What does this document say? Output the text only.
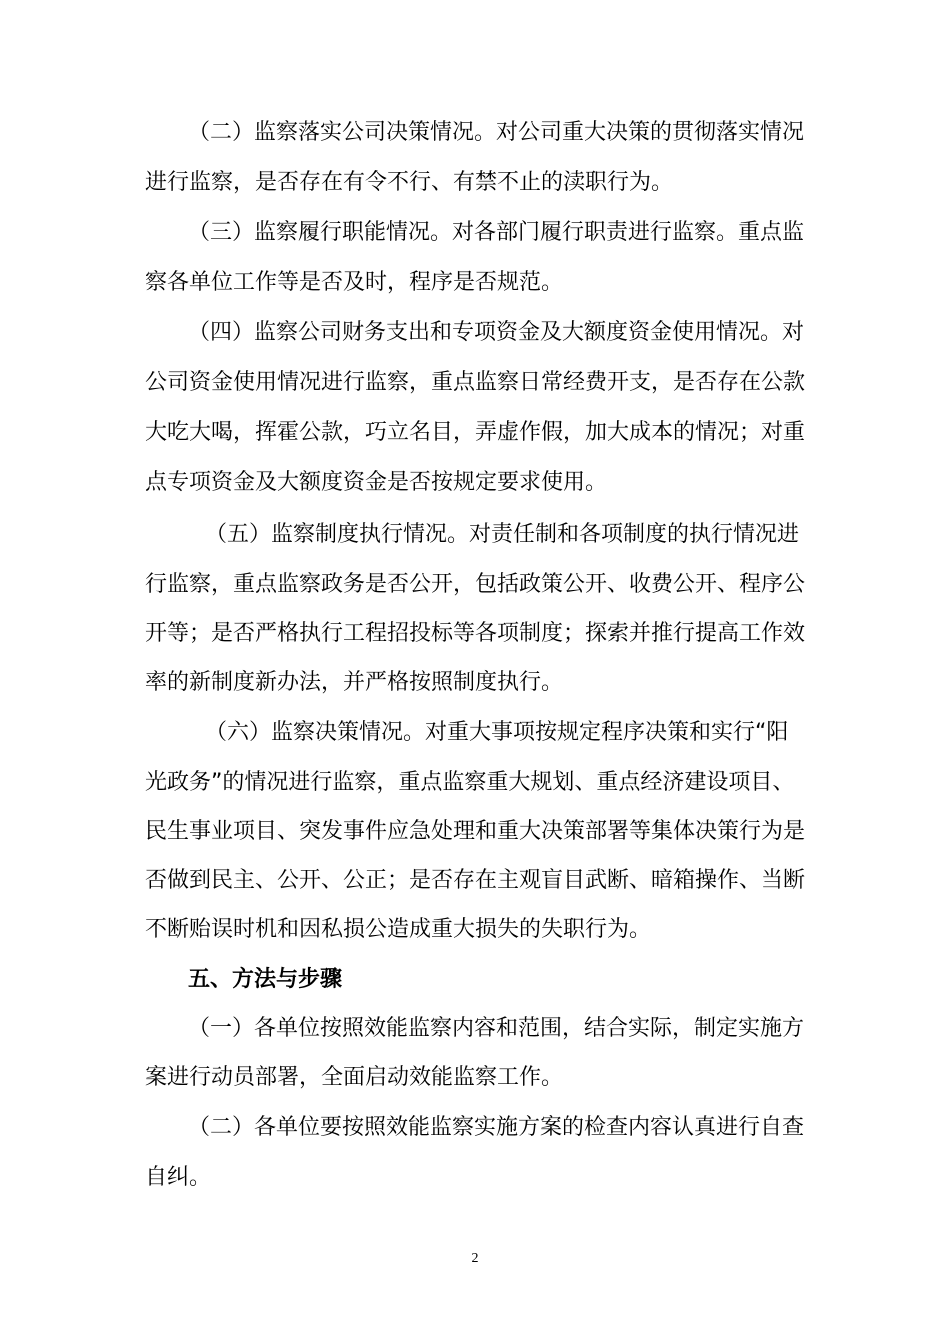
（二）监察落实公司决策情况。对公司重大决策的贯彻落实情况
进行监察，是否存在有令不行、有禁不止的渎职行为。
（三）监察履行职能情况。对各部门履行职责进行监察。重点监
察各单位工作等是否及时，程序是否规范。
（四）监察公司财务支出和专项资金及大额度资金使用情况。对
公司资金使用情况进行监察，重点监察日常经费开支，是否存在公款
大吃大喝，挥霍公款，巧立名目，弄虚作假，加大成本的情况；对重
点专项资金及大额度资金是否按规定要求使用。
（五）监察制度执行情况。对责任制和各项制度的执行情况进
行监察，重点监察政务是否公开，包括政策公开、收费公开、程序公
开等；是否严格执行工程招投标等各项制度；探索并推行提高工作效
率的新制度新办法，并严格按照制度执行。
（六）监察决策情况。对重大事项按规定程序决策和实行“阳
光政务”的情况进行监察，重点监察重大规划、重点经济建设项目、
民生事业项目、突发事件应急处理和重大决策部署等集体决策行为是
否做到民主、公开、公正；是否存在主观盲目武断、暗箱操作、当断
不断贻误时机和因私损公造成重大损失的失职行为。
五、方法与步骤
（一）各单位按照效能监察内容和范围，结合实际，制定实施方
案进行动员部署，全面启动效能监察工作。
（二）各单位要按照效能监察实施方案的检查内容认真进行自查
自纠。
2
